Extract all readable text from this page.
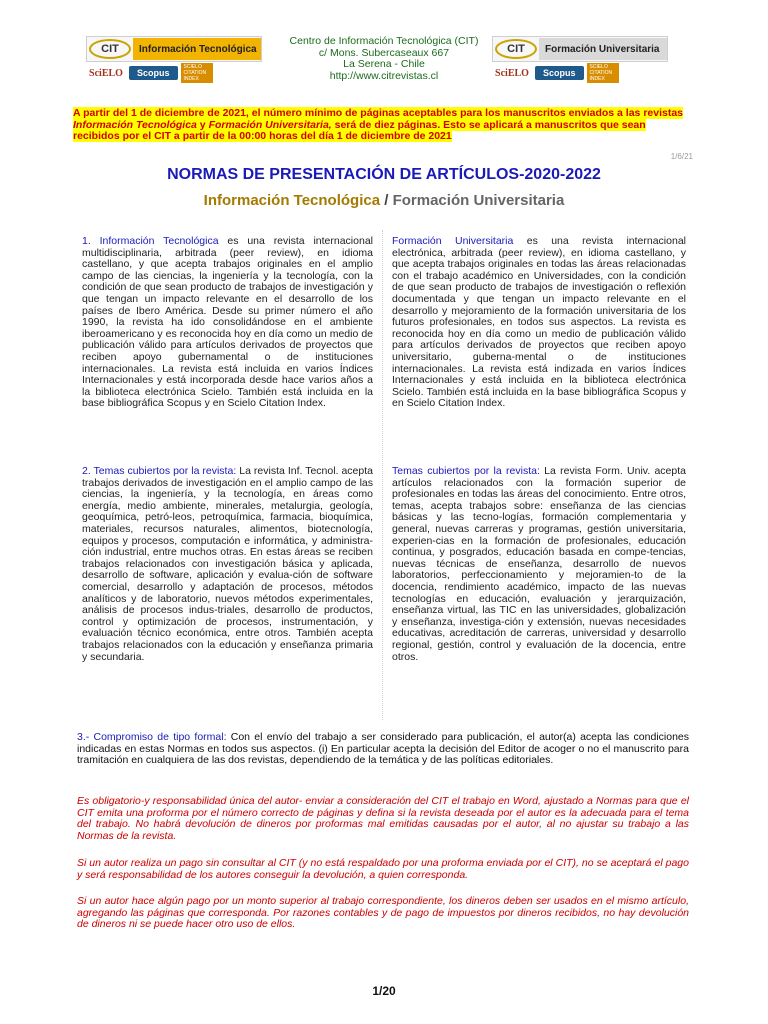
CIT	Información Tecnológica
SciELO	Scopus
SCIELO CITATION INDEX
Centro de Información Tecnológica (CIT)
c/ Mons. Subercaseaux 667
La Serena - Chile
http://www.citrevistas.cl
CIT	Formación Universitaria
SciELO	Scopus
SCIELO CITATION INDEX
A partir del 1 de diciembre de 2021, el número mínimo de páginas aceptables para los manuscritos enviados a las revistas Información Tecnológica y Formación Universitaria, será de diez páginas. Esto se aplicará a manuscritos que sean recibidos por el CIT a partir de la 00:00 horas del día 1 de diciembre de 2021
1/6/21
NORMAS DE PRESENTACIÓN DE ARTÍCULOS-2020-2022
Información Tecnológica / Formación Universitaria

1. Información Tecnológica es una revista internacional multidisciplinaria, arbitrada (peer review), en idioma castellano, y que acepta trabajos originales en el amplio campo de las ciencias, la ingeniería y la tecnología, con la condición de que sean producto de trabajos de investigación y que tengan un impacto relevante en el desarrollo de los países de Ibero América. Desde su primer número el año 1990, la revista ha ido consolidándose en el ambiente iberoamericano y es reconocida hoy en día como un medio de publicación válido para artículos derivados de proyectos que reciben apoyo gubernamental o de instituciones internacionales. La revista está incluida en varios Índices Internacionales y está incorporada desde hace varios años a la biblioteca electrónica Scielo. También está incluida en la base bibliográfica Scopus y en Scielo Citation Index.

2. Temas cubiertos por la revista: La revista Inf. Tecnol. acepta trabajos derivados de investigación en el amplio campo de las ciencias, la ingeniería, y la tecnología, en áreas como energía, medio ambiente, minerales, metalurgia, geología, geoquímica, petró-leos, petroquímica, farmacia, bioquímica, materiales, recursos naturales, alimentos, biotecnología, equipos y procesos, computación e informática, y administra-ción industrial, entre muchos otras. En estas áreas se reciben trabajos relacionados con investigación básica y aplicada, desarrollo de software, aplicación y evalua-ción de software comercial, desarrollo y adaptación de procesos, métodos analíticos y de laboratorio, nuevos métodos experimentales, análisis de procesos indus-triales, desarrollo de productos, control y optimización de procesos, instrumentación, y evaluación técnico económica, entre otros. También acepta trabajos relacionados con la educación y enseñanza primaria y secundaria.

Formación Universitaria es una revista internacional electrónica, arbitrada (peer review), en idioma castellano, y que acepta trabajos originales en todas las áreas relacionadas con el trabajo académico en Universidades, con la condición de que sean producto de trabajos de investigación o reflexión documentada y que tengan un impacto relevante en el desarrollo y mejoramiento de la formación universitaria de los futuros profesionales, en todos sus aspectos. La revista es reconocida hoy en día como un medio de publicación válido para artículos derivados de proyectos que reciben apoyo universitario, guberna-mental o de instituciones internacionales. La revista está indizada en varios Índices Internacionales y está incluida en la biblioteca electrónica Scielo. También está incluida en la base bibliográfica Scopus y en Scielo Citation Index.

Temas cubiertos por la revista: La revista Form. Univ. acepta artículos relacionados con la formación superior de profesionales en todas las áreas del conocimiento. Entre otros, temas, acepta trabajos sobre: enseñanza de las ciencias básicas y las tecno-logías, formación complementaria y general, nuevas carreras y programas, gestión universitaria, experien-cias en la formación de profesionales, educación continua, y posgrados, educación basada en compe-tencias, nuevas técnicas de enseñanza, desarrollo de nuevos laboratorios, perfeccionamiento y mejoramien-to de la docencia, rendimiento académico, impacto de las nuevas tecnologías en educación, evaluación y jerarquización, enseñanza virtual, las TIC en las universidades, globalización y enseñanza, investiga-ción y extensión, nuevas necesidades educativas, acreditación de carreras, universidad y desarrollo regional, gestión, control y evaluación de la docencia, entre otros.

3.- Compromiso de tipo formal: Con el envío del trabajo a ser considerado para publicación, el autor(a) acepta las condiciones indicadas en estas Normas en todos sus aspectos. (i) En particular acepta la decisión del Editor de acoger o no el manuscrito para tramitación en cualquiera de las dos revistas, dependiendo de la temática y de las políticas editoriales.

Es obligatorio-y responsabilidad única del autor- enviar a consideración del CIT el trabajo en Word, ajustado a Normas para que el CIT emita una proforma por el número correcto de páginas y defina si la revista deseada por el autor es la adecuada para el tema del trabajo. No habrá devolución de dineros por proformas mal emitidas causadas por el autor, al no ajustar su trabajo a las Normas de la revista.

Si un autor realiza un pago sin consultar al CIT (y no está respaldado por una proforma enviada por el CIT), no se aceptará el pago y será responsabilidad de los autores conseguir la devolución, a quien corresponda.

Si un autor hace algún pago por un monto superior al trabajo correspondiente, los dineros deben ser usados en el mismo artículo, agregando las páginas que corresponda. Por razones contables y de pago de impuestos por dineros recibidos, no hay devolución de dineros ni se puede hacer otro uso de ellos.

1/20
